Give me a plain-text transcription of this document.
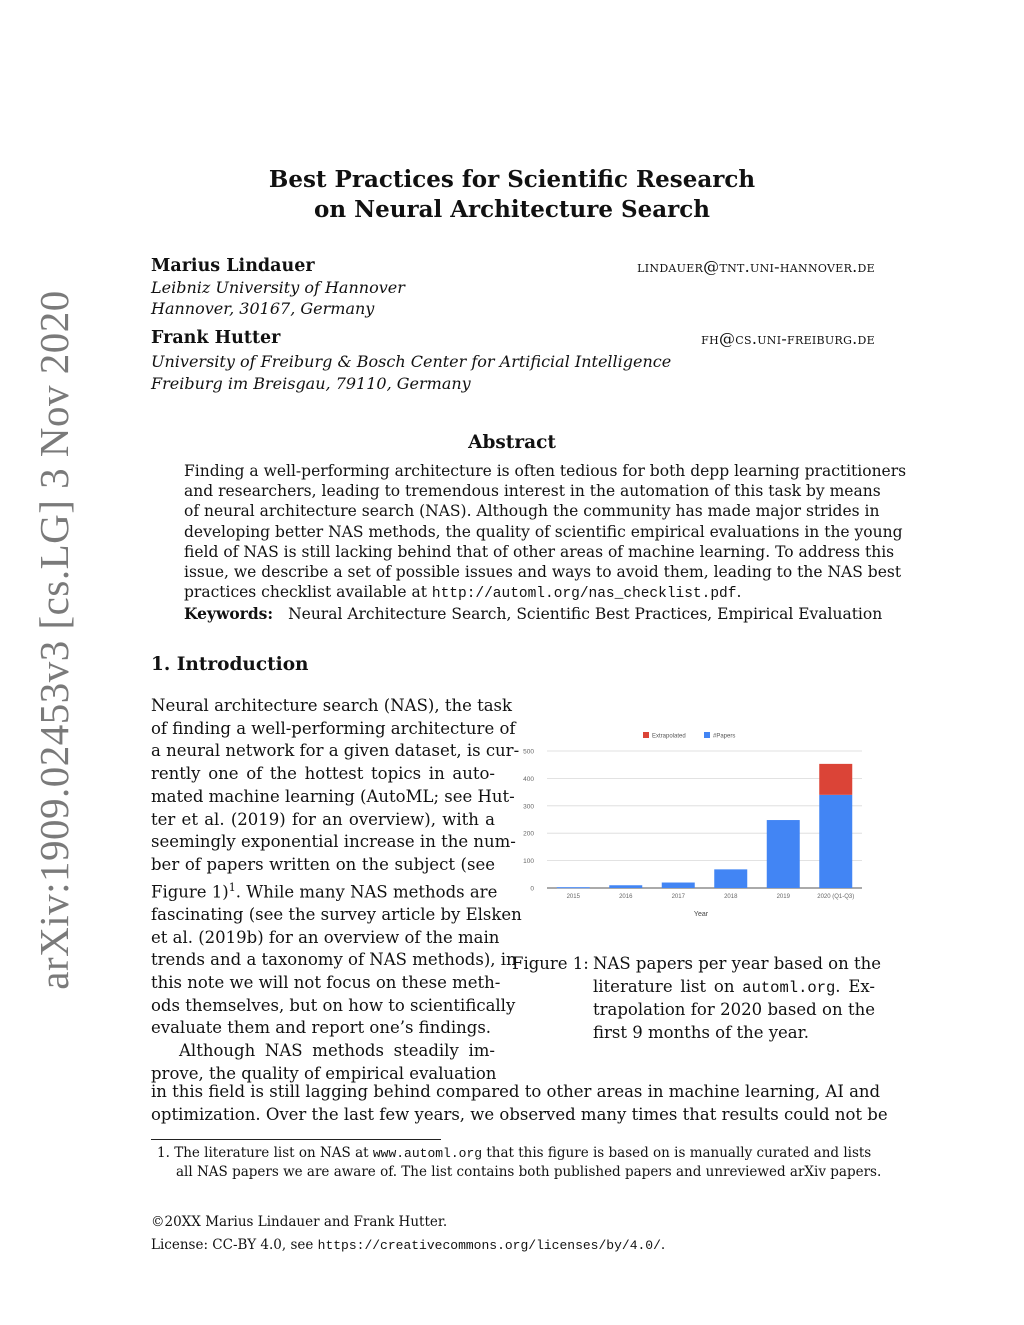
arXiv:1909.02453v3 [cs.LG] 3 Nov 2020
Best Practices for Scientific Research
on Neural Architecture Search
Marius Lindauer	lindauer@tnt.uni-hannover.de
Leibniz University of Hannover
Hannover, 30167, Germany
Frank Hutter	fh@cs.uni-freiburg.de
University of Freiburg & Bosch Center for Artificial Intelligence
Freiburg im Breisgau, 79110, Germany
Abstract
Finding a well-performing architecture is often tedious for both depp learning practitioners
and researchers, leading to tremendous interest in the automation of this task by means
of neural architecture search (NAS). Although the community has made major strides in
developing better NAS methods, the quality of scientific empirical evaluations in the young
field of NAS is still lacking behind that of other areas of machine learning. To address this
issue, we describe a set of possible issues and ways to avoid them, leading to the NAS best
practices checklist available at http://automl.org/nas_checklist.pdf.
Keywords: Neural Architecture Search, Scientific Best Practices, Empirical Evaluation
1. Introduction
Neural architecture search (NAS), the task
of finding a well-performing architecture of
a neural network for a given dataset, is cur-
rently one of the hottest topics in auto-
mated machine learning (AutoML; see Hut-
ter et al. (2019) for an overview), with a
seemingly exponential increase in the num-
ber of papers written on the subject (see
Figure 1)$^1$. While many NAS methods are
fascinating (see the survey article by Elsken
et al. (2019b) for an overview of the main
trends and a taxonomy of NAS methods), in
this note we will not focus on these meth-
ods themselves, but on how to scientifically
evaluate them and report one’s findings.
Although NAS methods steadily im-
prove, the quality of empirical evaluation
in this field is still lagging behind compared to other areas in machine learning, AI and
optimization. Over the last few years, we observed many times that results could not be
0
100
200
300
400
500
2015	2016	2017	2018	2019	2020 (Q1-Q3)
Extrapolated	#Papers
Year
Figure 1: NAS papers per year based on the
literature list on automl.org. Ex-
trapolation for 2020 based on the
first 9 months of the year.
1. The literature list on NAS at www.automl.org that this figure is based on is manually curated and lists
all NAS papers we are aware of. The list contains both published papers and unreviewed arXiv papers.
©20XX Marius Lindauer and Frank Hutter.
License: CC-BY 4.0, see https://creativecommons.org/licenses/by/4.0/.
